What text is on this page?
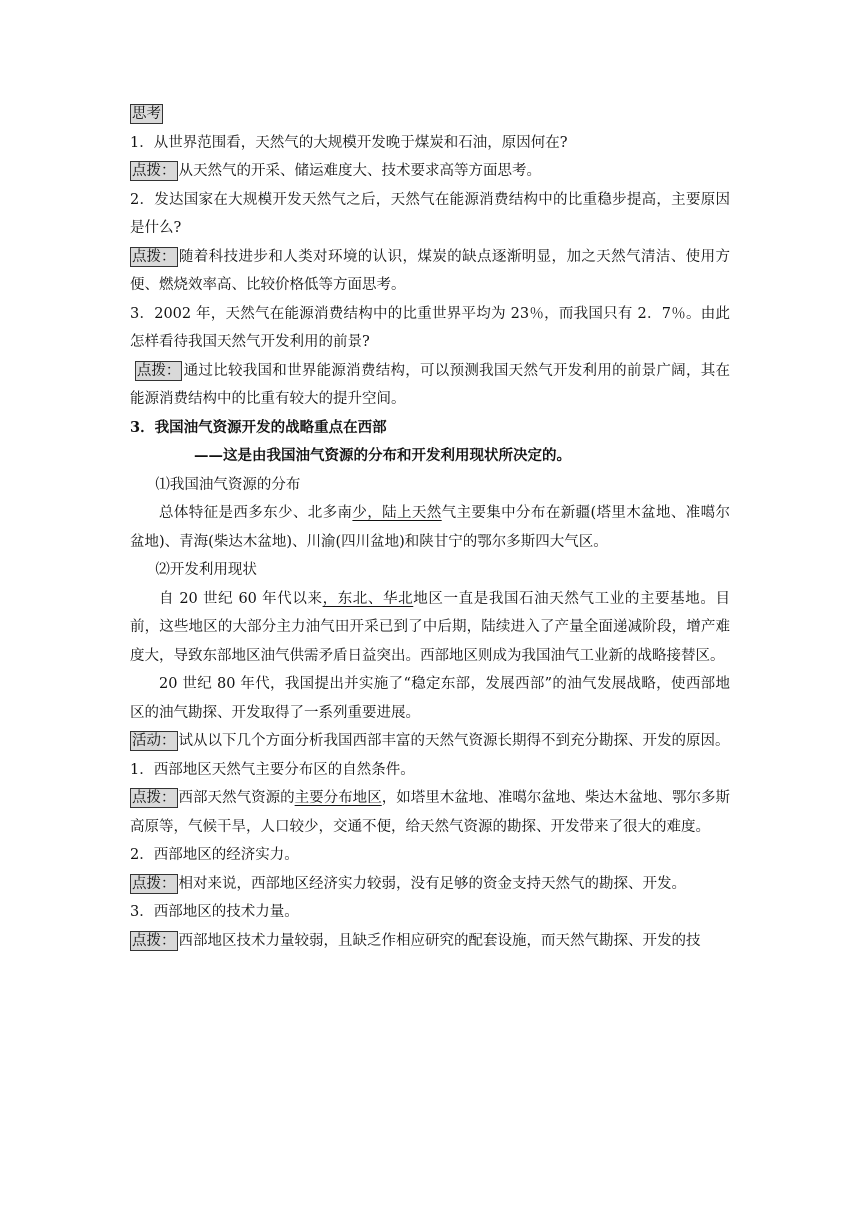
思考

1．从世界范围看，天然气的大规模开发晚于煤炭和石油，原因何在?

点拨： 从天然气的开采、储运难度大、技术要求高等方面思考。

2．发达国家在大规模开发天然气之后，天然气在能源消费结构中的比重稳步提高，主要原因是什么?

点拨： 随着科技进步和人类对环境的认识，煤炭的缺点逐渐明显，加之天然气清洁、使用方便、燃烧效率高、比较价格低等方面思考。

3．2002 年，天然气在能源消费结构中的比重世界平均为 23％，而我国只有 2．7％。由此怎样看待我国天然气开发利用的前景?

点拨： 通过比较我国和世界能源消费结构，可以预测我国天然气开发利用的前景广阔，其在能源消费结构中的比重有较大的提升空间。

3．我国油气资源开发的战略重点在西部

——这是由我国油气资源的分布和开发利用现状所决定的。

⑴我国油气资源的分布

总体特征是西多东少、北多南少，陆上天然气主要集中分布在新疆(塔里木盆地、准噶尔盆地)、青海(柴达木盆地)、川渝(四川盆地)和陕甘宁的鄂尔多斯四大气区。

⑵开发利用现状

自 20 世纪 60 年代以来，东北、华北地区一直是我国石油天然气工业的主要基地。目前，这些地区的大部分主力油气田开采已到了中后期，陆续进入了产量全面递减阶段，增产难度大，导致东部地区油气供需矛盾日益突出。西部地区则成为我国油气工业新的战略接替区。

20 世纪 80 年代，我国提出并实施了“稳定东部，发展西部”的油气发展战略，使西部地区的油气勘探、开发取得了一系列重要进展。

活动： 试从以下几个方面分析我国西部丰富的天然气资源长期得不到充分勘探、开发的原因。

1．西部地区天然气主要分布区的自然条件。

点拨： 西部天然气资源的主要分布地区，如塔里木盆地、准噶尔盆地、柴达木盆地、鄂尔多斯高原等，气候干旱，人口较少，交通不便，给天然气资源的勘探、开发带来了很大的难度。

2．西部地区的经济实力。

点拨： 相对来说，西部地区经济实力较弱，没有足够的资金支持天然气的勘探、开发。

3．西部地区的技术力量。

点拨： 西部地区技术力量较弱，且缺乏作相应研究的配套设施，而天然气勘探、开发的技
